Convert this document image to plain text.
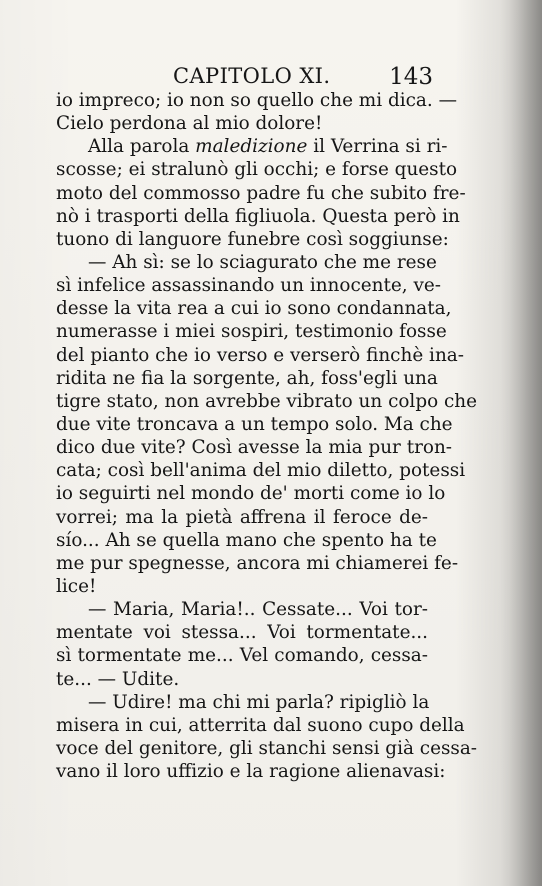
CAPITOLO XI.	143
io impreco; io non so quello che mi dica. —
Cielo perdona al mio dolore!
Alla parola maledizione il Verrina si ri-
scosse; ei stralunò gli occhi; e forse questo
moto del commosso padre fu che subito fre-
nò i trasporti della figliuola. Questa però in
tuono di languore funebre così soggiunse:
— Ah sì: se lo sciagurato che me rese
sì infelice assassinando un innocente, ve-
desse la vita rea a cui io sono condannata,
numerasse i miei sospiri, testimonio fosse
del pianto che io verso e verserò finchè ina-
ridita ne fia la sorgente, ah, foss'egli una
tigre stato, non avrebbe vibrato un colpo che
due vite troncava a un tempo solo. Ma che
dico due vite? Così avesse la mia pur tron-
cata; così bell'anima del mio diletto, potessi
io seguirti nel mondo de' morti come io lo
vorrei; ma la pietà affrena il feroce de-
sío... Ah se quella mano che spento ha te
me pur spegnesse, ancora mi chiamerei fe-
lice!
— Maria, Maria!.. Cessate... Voi tor-
mentate voi stessa... Voi tormentate...
sì tormentate me... Vel comando, cessa-
te... — Udite.
— Udire! ma chi mi parla? ripigliò la
misera in cui, atterrita dal suono cupo della
voce del genitore, gli stanchi sensi già cessa-
vano il loro uffizio e la ragione alienavasi:
